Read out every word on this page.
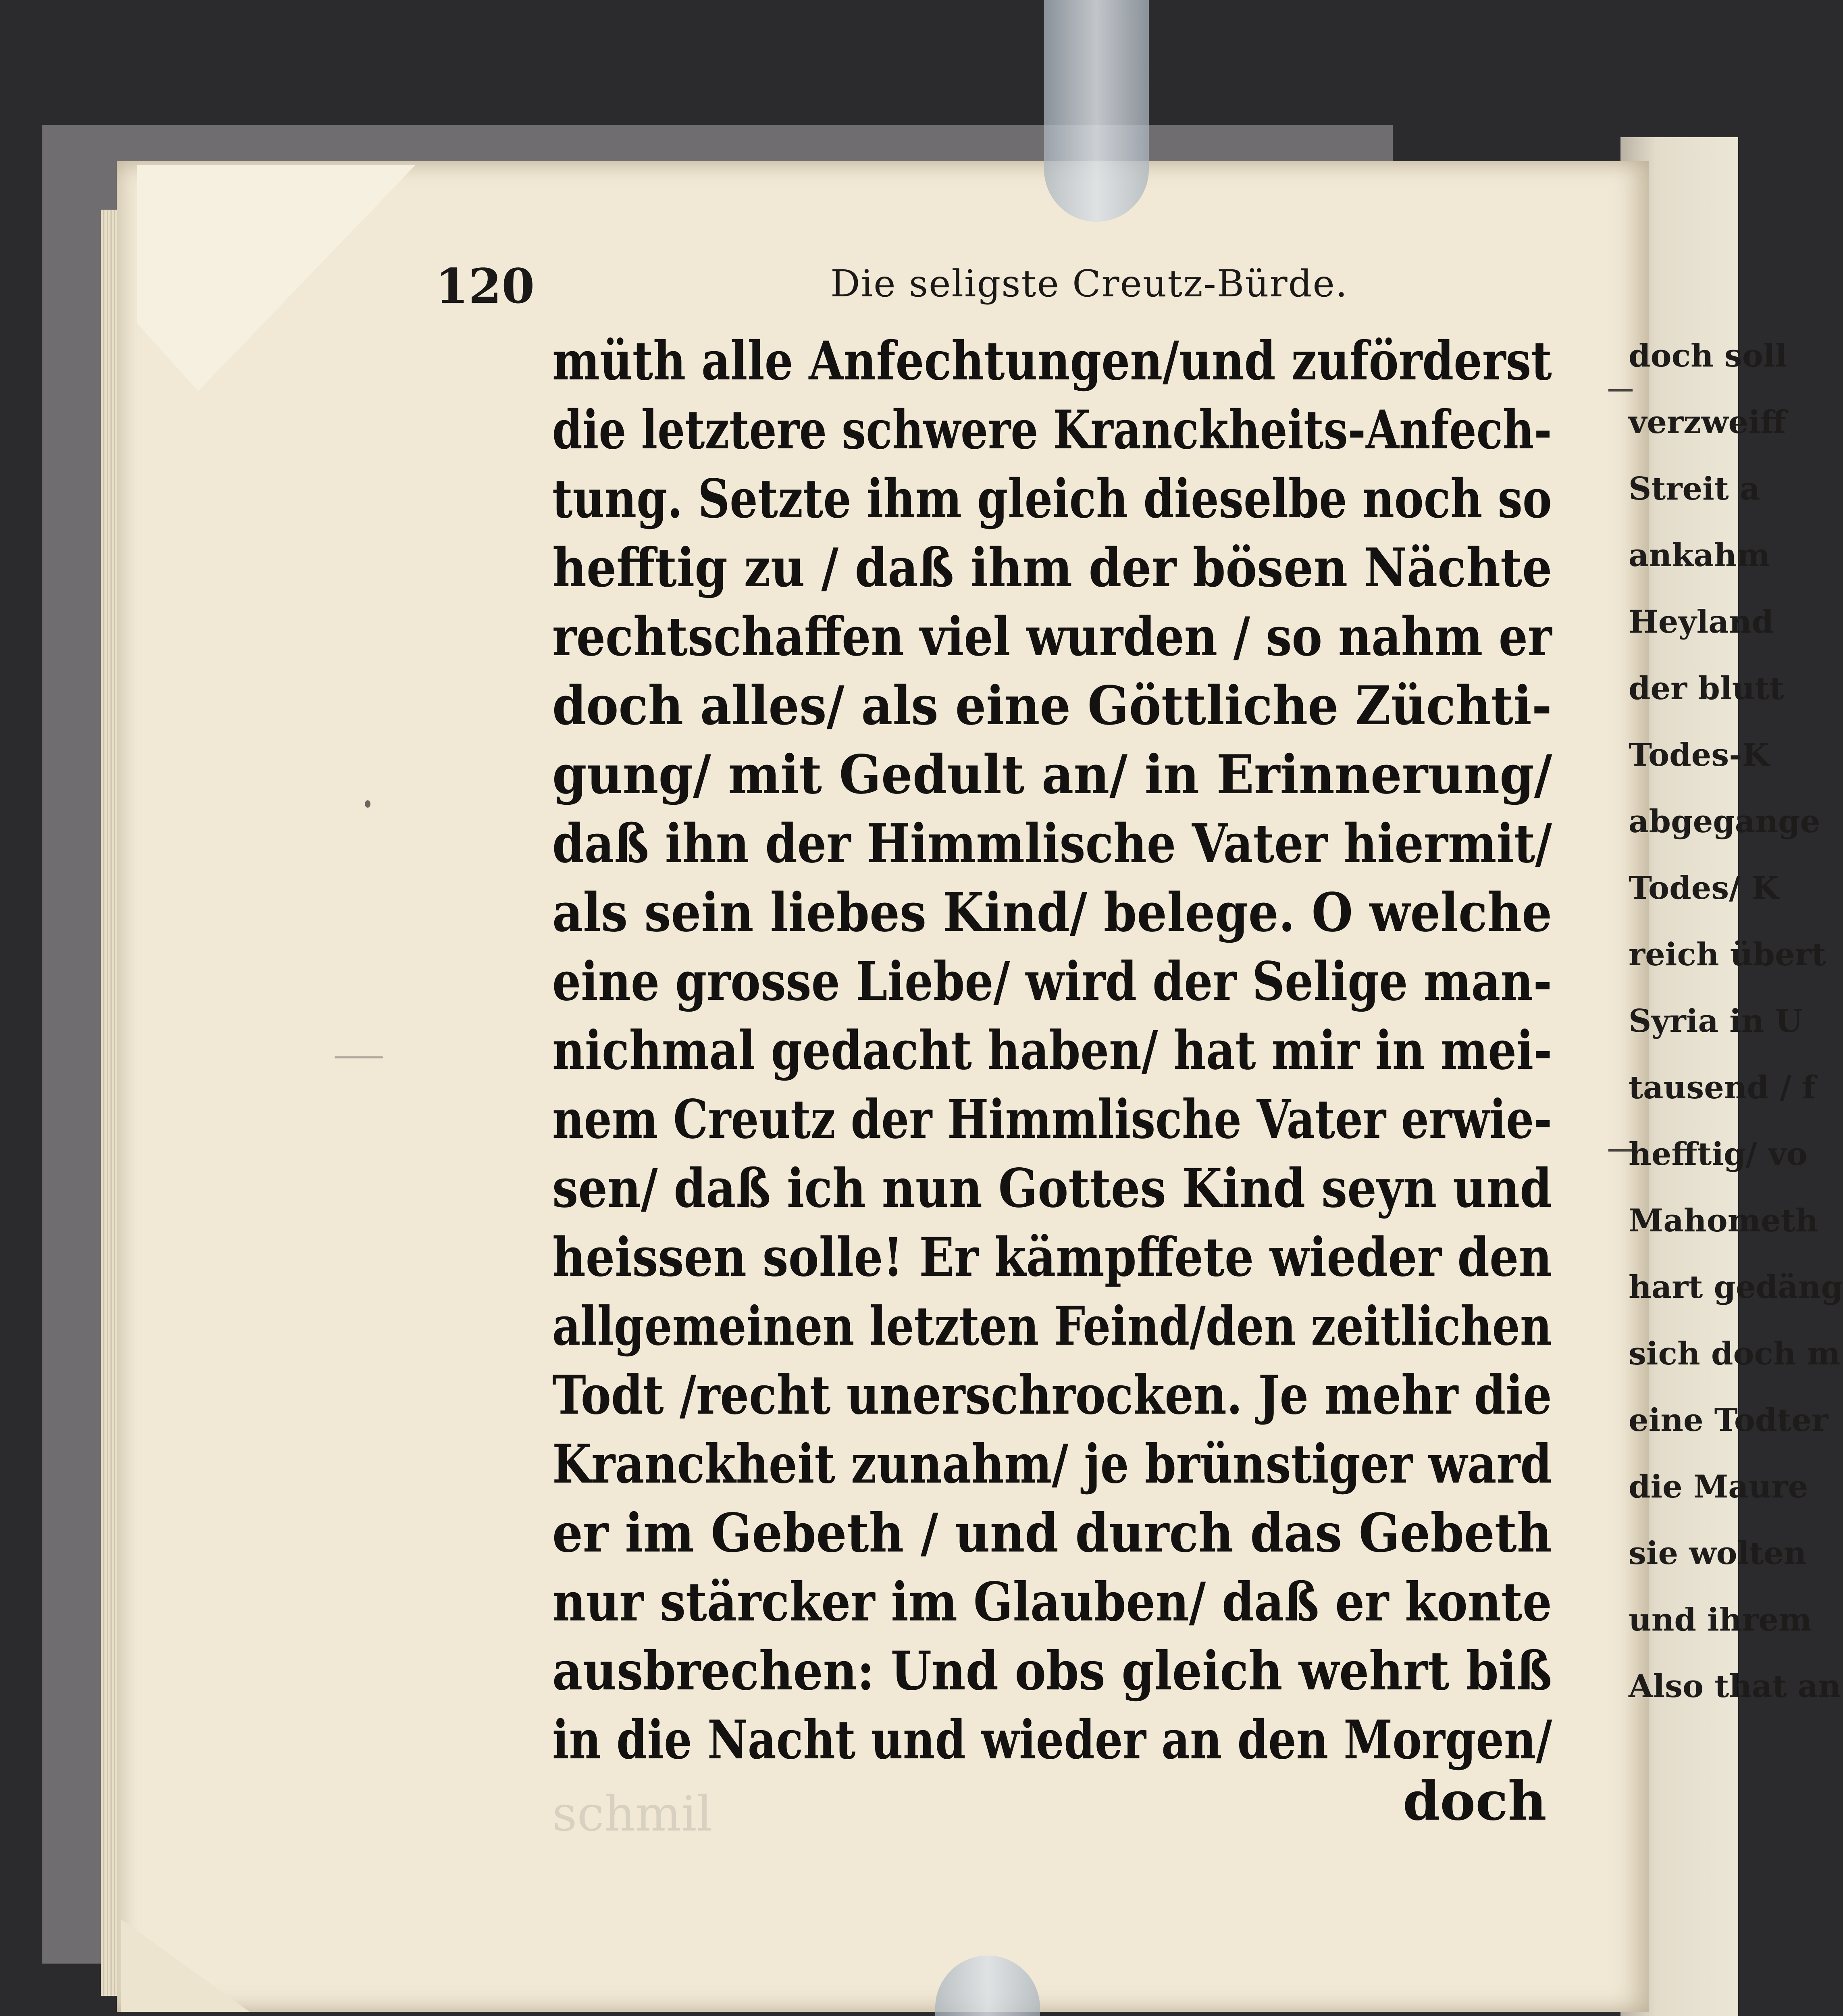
120	Die seligste Creutz-Bürde.
müth alle Anfechtungen/und zuförderst
die letztere schwere Kranckheits-Anfech-
tung. Setzte ihm gleich dieselbe noch so
hefftig zu / daß ihm der bösen Nächte
rechtschaffen viel wurden / so nahm er
doch alles/ als eine Göttliche Züchti-
gung/ mit Gedult an/ in Erinnerung/
daß ihn der Himmlische Vater hiermit/
als sein liebes Kind/ belege. O welche
eine grosse Liebe/ wird der Selige man-
nichmal gedacht haben/ hat mir in mei-
nem Creutz der Himmlische Vater erwie-
sen/ daß ich nun Gottes Kind seyn und
heissen solle! Er kämpffete wieder den
allgemeinen letzten Feind/den zeitlichen
Todt /recht unerschrocken. Je mehr die
Kranckheit zunahm/ je brünstiger ward
er im Gebeth / und durch das Gebeth
nur stärcker im Glauben/ daß er konte
ausbrechen: Und obs gleich wehrt biß
in die Nacht und wieder an den Morgen/
doch
schmil
doch soll
verzweiff
Streit a
ankahm
Heyland
der blutt
Todes-K
abgegange
Todes/ K
reich übert
Syria in U
tausend / f
hefftig/ vo
Mahometh
hart gedäng
sich doch m
eine Todter
die Maure
sie wolten
und ihrem
Also that an
